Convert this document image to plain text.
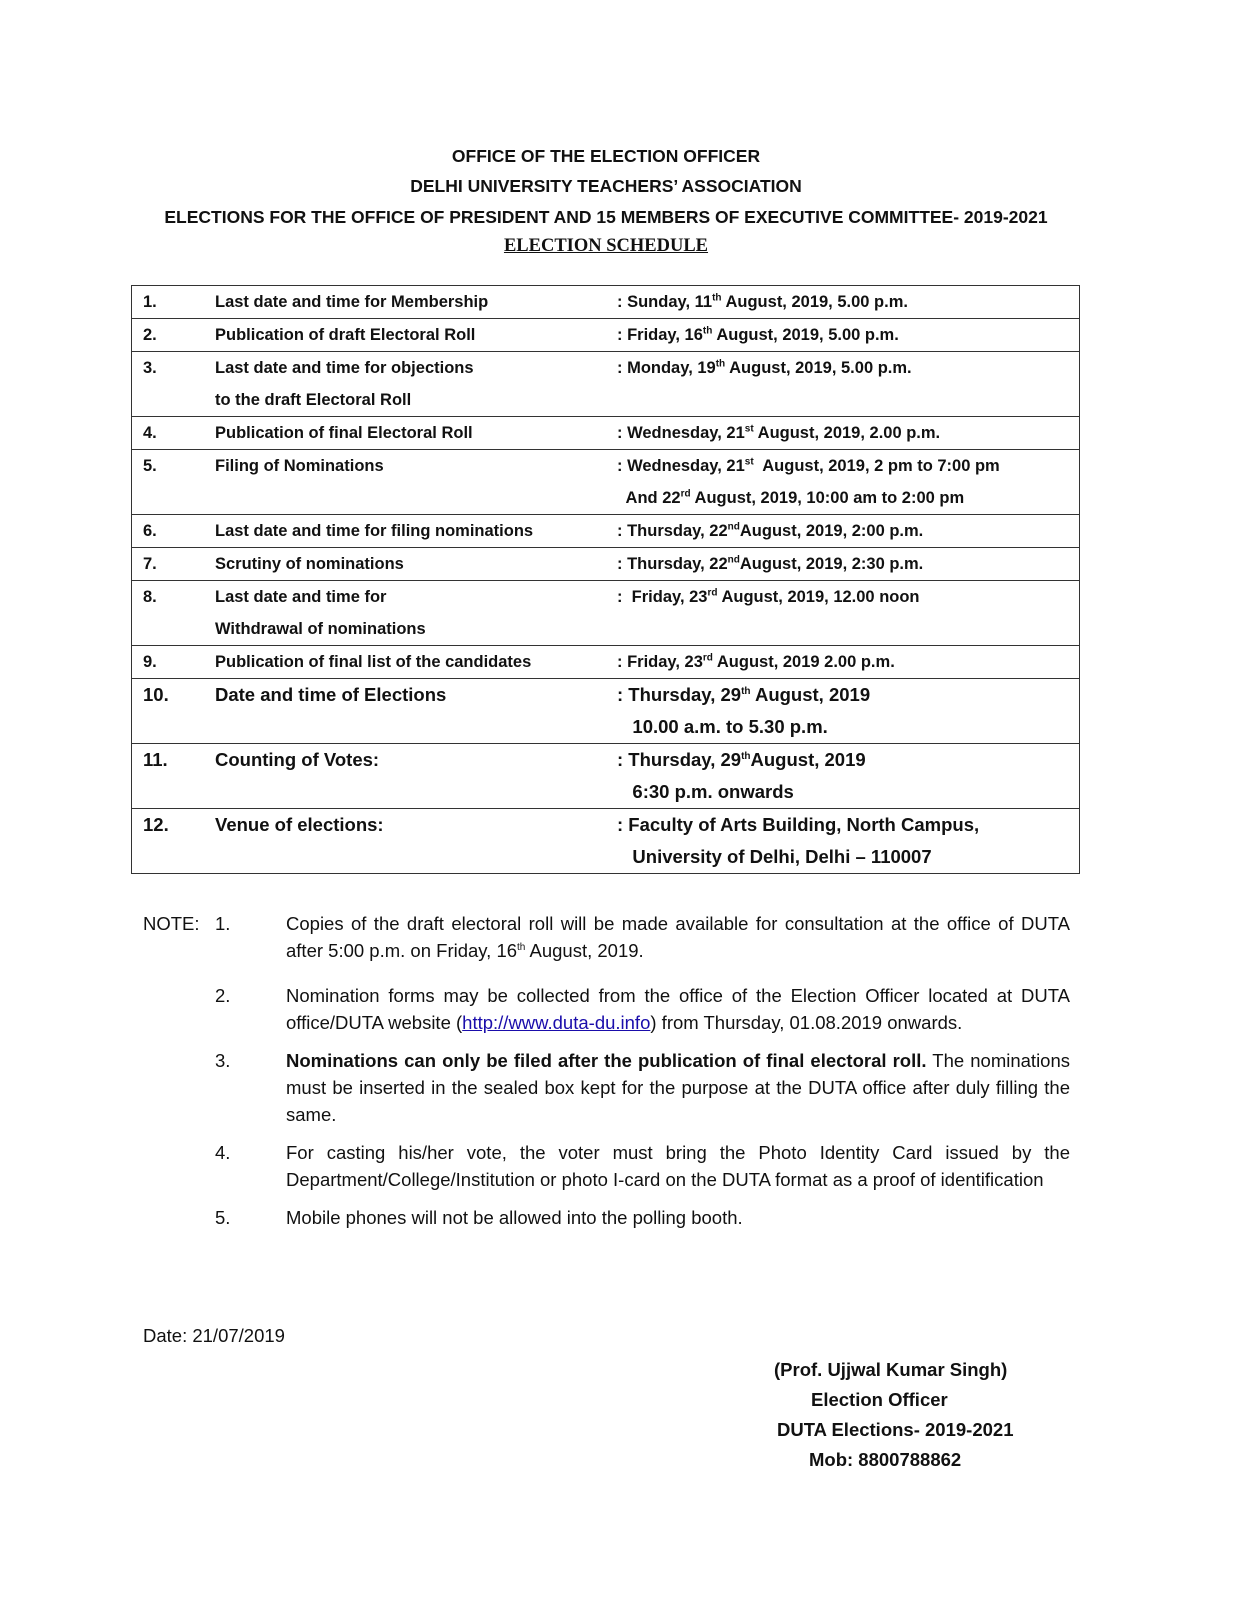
OFFICE OF THE ELECTION OFFICER
DELHI UNIVERSITY TEACHERS’ ASSOCIATION
ELECTIONS FOR THE OFFICE OF PRESIDENT AND 15 MEMBERS OF EXECUTIVE COMMITTEE- 2019-2021
ELECTION SCHEDULE
1.	Last date and time for Membership	: Sunday, 11th August, 2019, 5.00 p.m.

2.	Publication of draft Electoral Roll	: Friday, 16th August, 2019, 5.00 p.m.

3.	Last date and time for objections
to the draft Electoral Roll	: Monday, 19th August, 2019, 5.00 p.m.

4.	Publication of final Electoral Roll	: Wednesday, 21st August, 2019, 2.00 p.m.

5.	Filing of Nominations	: Wednesday, 21st  August, 2019, 2 pm to 7:00 pm
And 22rd August, 2019, 10:00 am to 2:00 pm

6.	Last date and time for filing nominations	: Thursday, 22ndAugust, 2019, 2:00 p.m.

7.	Scrutiny of nominations	: Thursday, 22ndAugust, 2019, 2:30 p.m.

8.	Last date and time for
Withdrawal of nominations	:  Friday, 23rd August, 2019, 12.00 noon

9.	Publication of final list of the candidates	: Friday, 23rd August, 2019 2.00 p.m.

10.	Date and time of Elections	: Thursday, 29th August, 2019
10.00 a.m. to 5.30 p.m.

11.	Counting of Votes:	: Thursday, 29thAugust, 2019
6:30 p.m. onwards

12.	Venue of elections:	: Faculty of Arts Building, North Campus,
University of Delhi, Delhi – 110007
NOTE: 1.	Copies of the draft electoral roll will be made available for consultation at the office of DUTA after 5:00 p.m. on Friday, 16th August, 2019.
2.	Nomination forms may be collected from the office of the Election Officer located at DUTA office/DUTA website (http://www.duta-du.info) from Thursday, 01.08.2019 onwards.
3.	Nominations can only be filed after the publication of final electoral roll. The nominations must be inserted in the sealed box kept for the purpose at the DUTA office after duly filling the same.
4.	For casting his/her vote, the voter must bring the Photo Identity Card issued by the Department/College/Institution or photo I-card on the DUTA format as a proof of identification
5.	Mobile phones will not be allowed into the polling booth.
Date: 21/07/2019
(Prof. Ujjwal Kumar Singh)
Election Officer
DUTA Elections- 2019-2021
Mob: 8800788862
